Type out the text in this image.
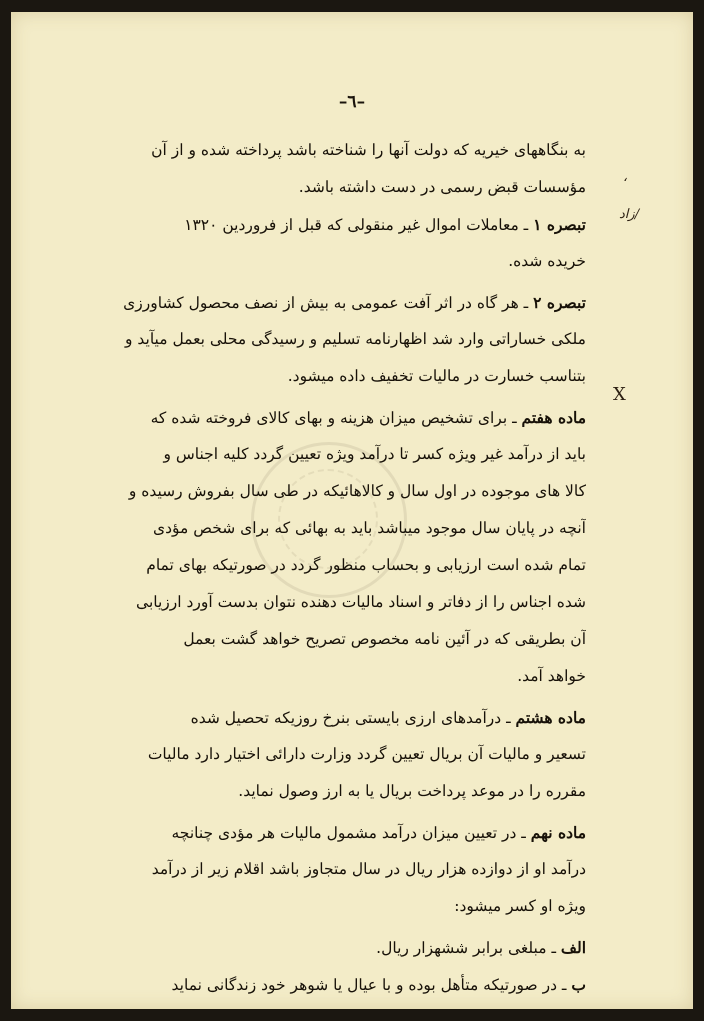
–٦–
،
زاد/
X
به بنگاههای خیریه که دولت آنها را شناخته باشد پرداخته شده و از آن
مؤسسات قبض رسمی در دست داشته باشد.
تبصره ۱ ـ معاملات اموال غیر منقولی که قبل از فروردین ۱۳۲۰
خریده شده.
تبصره ۲ ـ هر گاه در اثر آفت عمومی به بیش از نصف محصول کشاورزی
ملکی خساراتی وارد شد اظهارنامه تسلیم و رسیدگی محلی بعمل میآید و
بتناسب خسارت در مالیات تخفیف داده میشود.
ماده هفتم ـ برای تشخیص میزان هزینه و بهای کالای فروخته شده که
باید از درآمد غیر ویژه کسر تا درآمد ویژه تعیین گردد کلیه اجناس و
کالا های موجوده در اول سال و کالاهائیکه در طی سال بفروش رسیده و
آنچه در پایان سال موجود میباشد باید به بهائی که برای شخص مؤدی
تمام شده است ارزیابی و بحساب منظور گردد در صورتیکه بهای تمام
شده اجناس را از دفاتر و اسناد مالیات دهنده نتوان بدست آورد ارزیابی
آن بطریقی که در آئین نامه مخصوص تصریح خواهد گشت بعمل
خواهد آمد.
ماده هشتم ـ درآمدهای ارزی بایستی بنرخ روزیکه تحصیل شده
تسعیر و مالیات آن بریال تعیین گردد وزارت دارائی اختیار دارد مالیات
مقرره را در موعد پرداخت بریال یا به ارز وصول نماید.
ماده نهم ـ در تعیین میزان درآمد مشمول مالیات هر مؤدی چنانچه
درآمد او از دوازده هزار ریال در سال متجاوز باشد اقلام زیر از درآمد
ویژه او کسر میشود:
الف ـ مبلغی برابر ششهزار ریال.
ب ـ در صورتیکه متأهل بوده و با عیال یا شوهر خود زندگانی نماید
